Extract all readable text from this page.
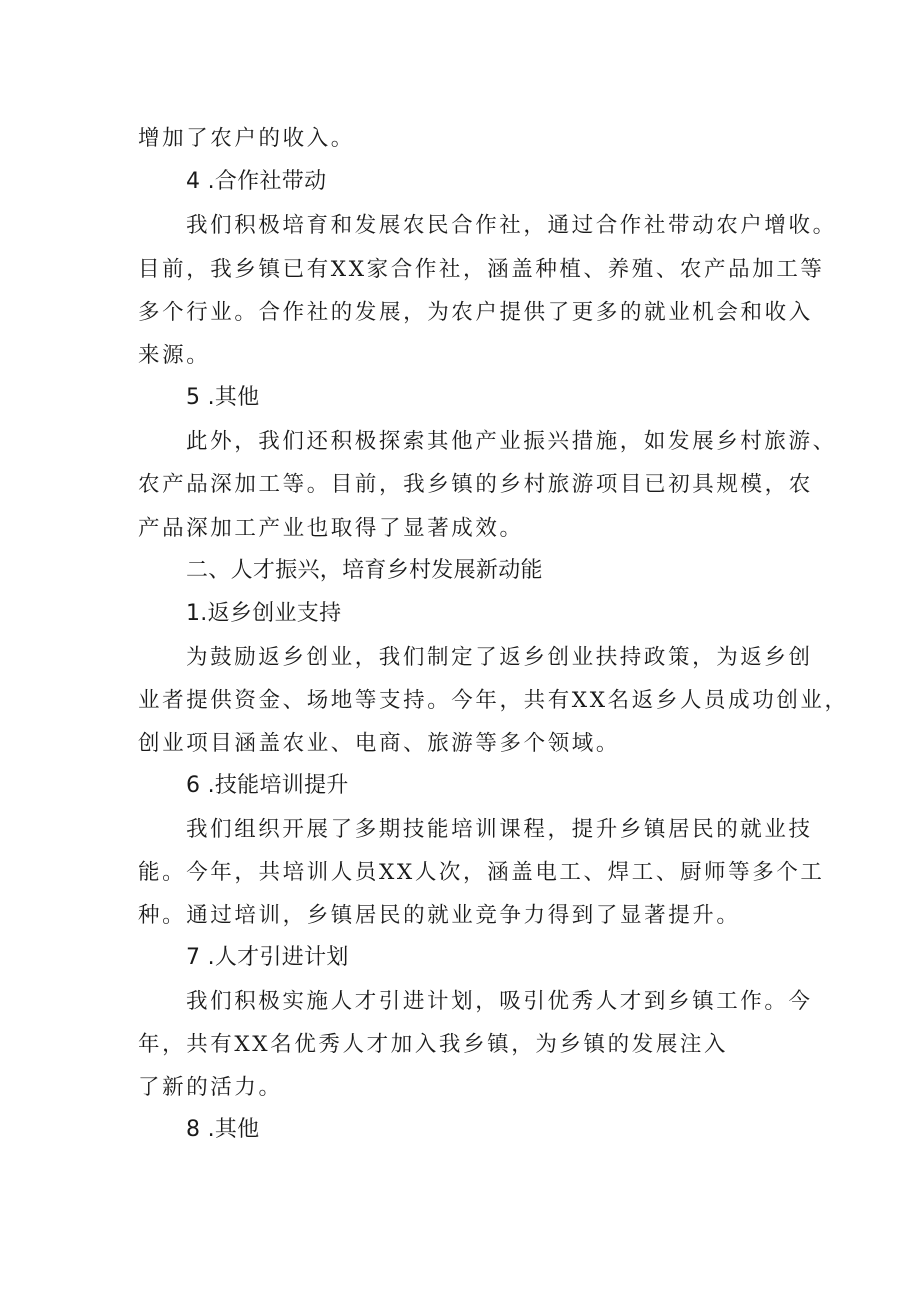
增加了农户的收入。
4 .合作社带动
我们积极培育和发展农民合作社，通过合作社带动农户增收。
目前，我乡镇已有XX家合作社，涵盖种植、养殖、农产品加工等
多个行业。合作社的发展，为农户提供了更多的就业机会和收入
来源。
5 .其他
此外，我们还积极探索其他产业振兴措施，如发展乡村旅游、
农产品深加工等。目前，我乡镇的乡村旅游项目已初具规模，农
产品深加工产业也取得了显著成效。
二、人才振兴，培育乡村发展新动能
1.返乡创业支持
为鼓励返乡创业，我们制定了返乡创业扶持政策，为返乡创
业者提供资金、场地等支持。今年，共有XX名返乡人员成功创业，
创业项目涵盖农业、电商、旅游等多个领域。
6 .技能培训提升
我们组织开展了多期技能培训课程，提升乡镇居民的就业技
能。今年，共培训人员XX人次，涵盖电工、焊工、厨师等多个工
种。通过培训，乡镇居民的就业竞争力得到了显著提升。
7 .人才引进计划
我们积极实施人才引进计划，吸引优秀人才到乡镇工作。今
年，共有XX名优秀人才加入我乡镇，为乡镇的发展注入
了新的活力。
8 .其他
